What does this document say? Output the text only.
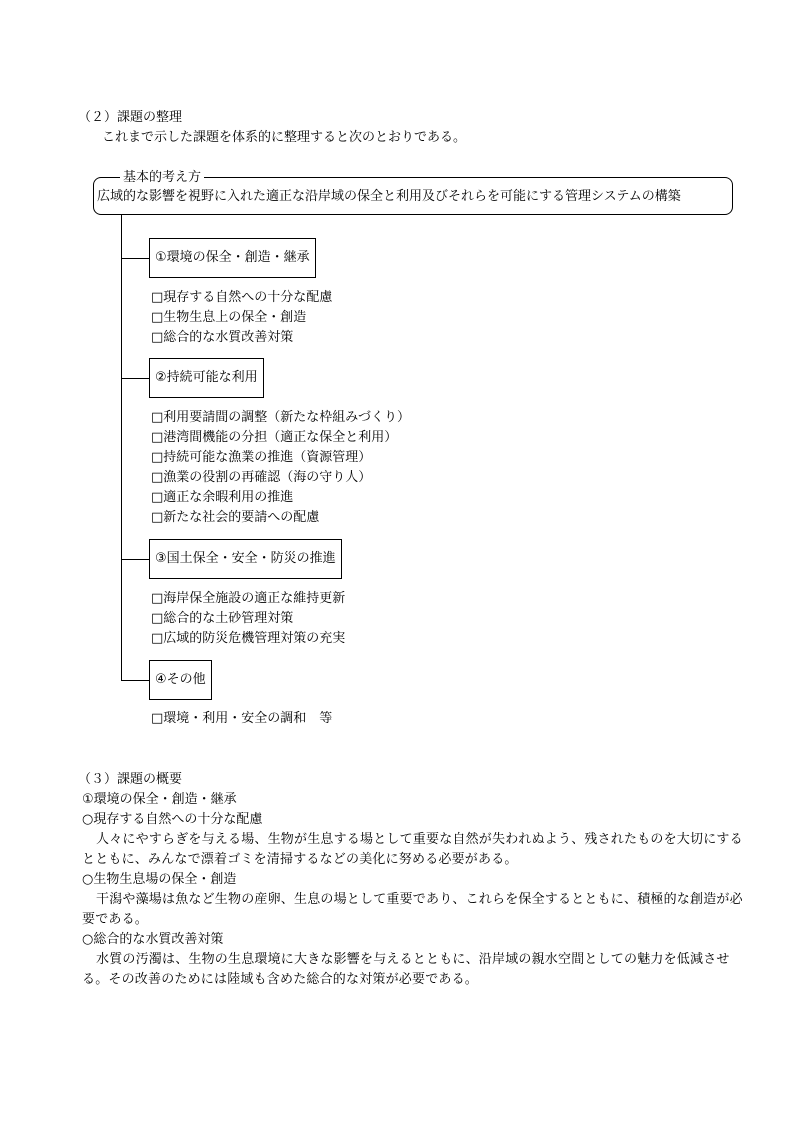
（２）課題の整理
これまで示した課題を体系的に整理すると次のとおりである。
基本的考え方
広域的な影響を視野に入れた適正な沿岸域の保全と利用及びそれらを可能にする管理システムの構築
①環境の保全・創造・継承
□現存する自然への十分な配慮
□生物生息上の保全・創造
□総合的な水質改善対策
②持続可能な利用
□利用要請間の調整（新たな枠組みづくり）
□港湾間機能の分担（適正な保全と利用）
□持続可能な漁業の推進（資源管理）
□漁業の役割の再確認（海の守り人）
□適正な余暇利用の推進
□新たな社会的要請への配慮
③国土保全・安全・防災の推進
□海岸保全施設の適正な維持更新
□総合的な土砂管理対策
□広域的防災危機管理対策の充実
④その他
□環境・利用・安全の調和　等
（３）課題の概要
①環境の保全・創造・継承
○現存する自然への十分な配慮
人々にやすらぎを与える場、生物が生息する場として重要な自然が失われぬよう、残されたものを大切にするとともに、みんなで漂着ゴミを清掃するなどの美化に努める必要がある。
○生物生息場の保全・創造
干潟や藻場は魚など生物の産卵、生息の場として重要であり、これらを保全するとともに、積極的な創造が必要である。
○総合的な水質改善対策
水質の汚濁は、生物の生息環境に大きな影響を与えるとともに、沿岸域の親水空間としての魅力を低減させる。その改善のためには陸域も含めた総合的な対策が必要である。
